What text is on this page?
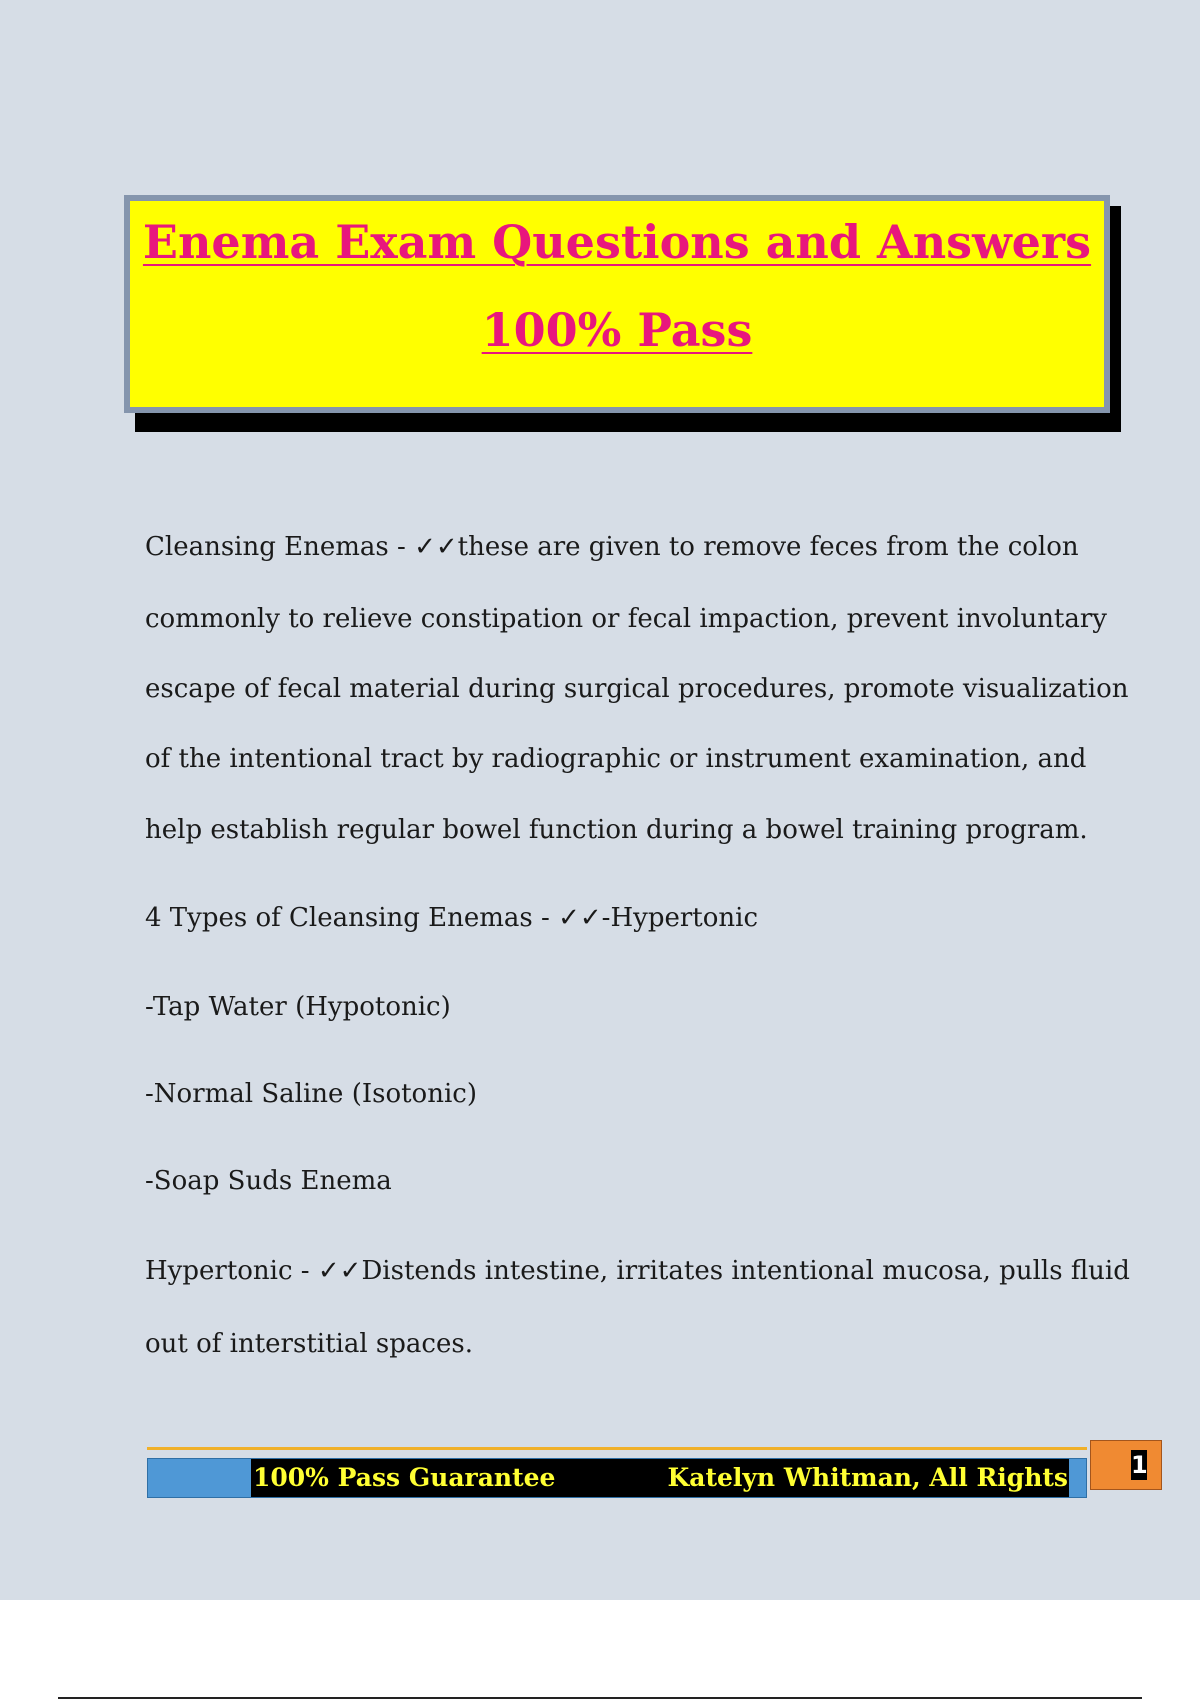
Enema Exam Questions and Answers
100% Pass
Cleansing Enemas - ✓✓these are given to remove feces from the colon
commonly to relieve constipation or fecal impaction, prevent involuntary
escape of fecal material during surgical procedures, promote visualization
of the intentional tract by radiographic or instrument examination, and
help establish regular bowel function during a bowel training program.
4 Types of Cleansing Enemas - ✓✓-Hypertonic
-Tap Water (Hypotonic)
-Normal Saline (Isotonic)
-Soap Suds Enema
Hypertonic - ✓✓Distends intestine, irritates intentional mucosa, pulls fluid
out of interstitial spaces.
100% Pass Guarantee	Katelyn Whitman, All Rights	1
